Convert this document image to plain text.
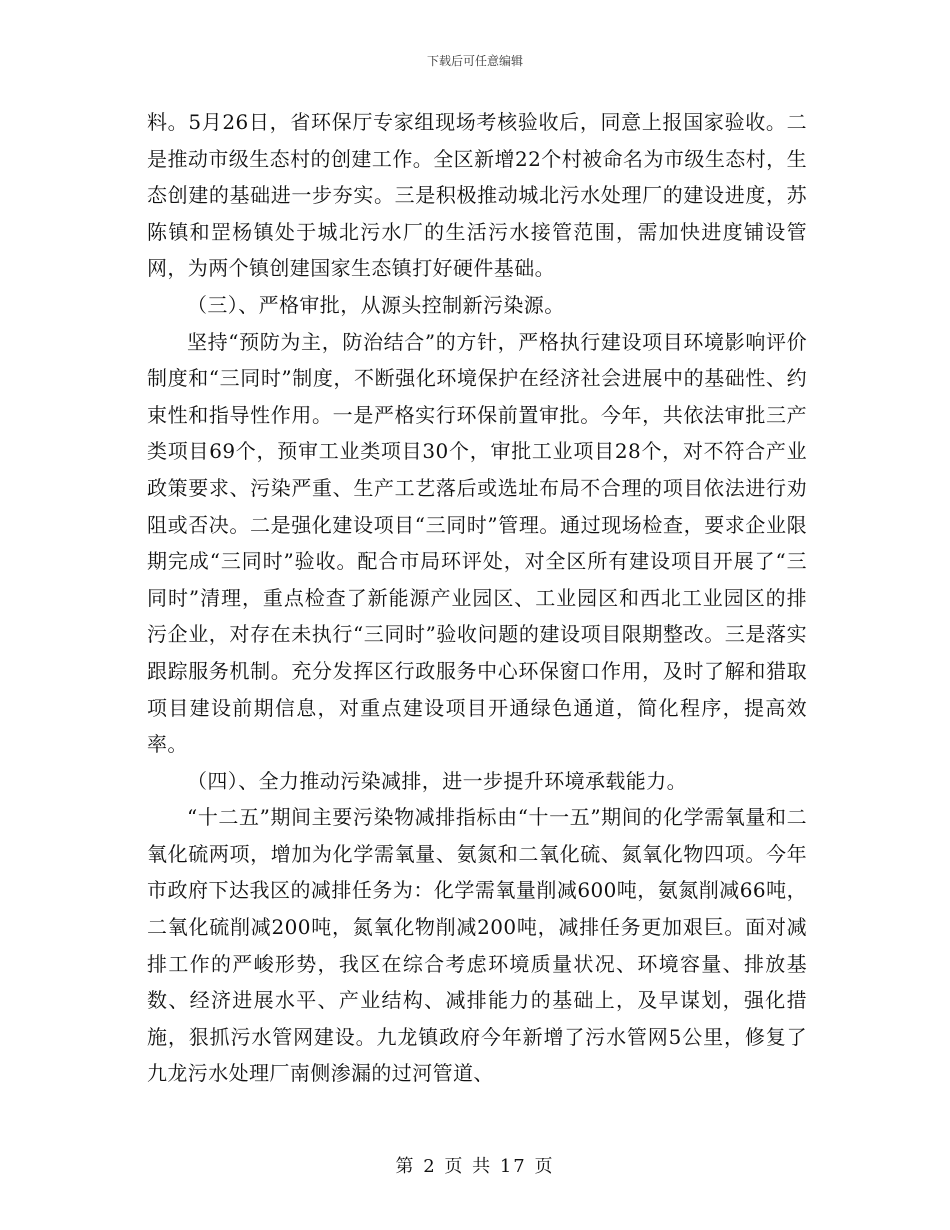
下载后可任意编辑

料。5月26日，省环保厅专家组现场考核验收后，同意上报国家验收。二是推动市级生态村的创建工作。全区新增22个村被命名为市级生态村，生态创建的基础进一步夯实。三是积极推动城北污水处理厂的建设进度，苏陈镇和罡杨镇处于城北污水厂的生活污水接管范围，需加快进度铺设管网，为两个镇创建国家生态镇打好硬件基础。

（三）、严格审批，从源头控制新污染源。

坚持“预防为主，防治结合”的方针，严格执行建设项目环境影响评价制度和“三同时”制度，不断强化环境保护在经济社会进展中的基础性、约束性和指导性作用。一是严格实行环保前置审批。今年，共依法审批三产类项目69个，预审工业类项目30个，审批工业项目28个，对不符合产业政策要求、污染严重、生产工艺落后或选址布局不合理的项目依法进行劝阻或否决。二是强化建设项目“三同时”管理。通过现场检查，要求企业限期完成“三同时”验收。配合市局环评处，对全区所有建设项目开展了“三同时”清理，重点检查了新能源产业园区、工业园区和西北工业园区的排污企业，对存在未执行“三同时”验收问题的建设项目限期整改。三是落实跟踪服务机制。充分发挥区行政服务中心环保窗口作用，及时了解和猎取项目建设前期信息，对重点建设项目开通绿色通道，简化程序，提高效率。

（四）、全力推动污染减排，进一步提升环境承载能力。

“十二五”期间主要污染物减排指标由“十一五”期间的化学需氧量和二氧化硫两项，增加为化学需氧量、氨氮和二氧化硫、氮氧化物四项。今年市政府下达我区的减排任务为：化学需氧量削减600吨，氨氮削减66吨，二氧化硫削减200吨，氮氧化物削减200吨，减排任务更加艰巨。面对减排工作的严峻形势，我区在综合考虑环境质量状况、环境容量、排放基数、经济进展水平、产业结构、减排能力的基础上，及早谋划，强化措施，狠抓污水管网建设。九龙镇政府今年新增了污水管网5公里，修复了九龙污水处理厂南侧渗漏的过河管道、

第 2 页 共 17 页
